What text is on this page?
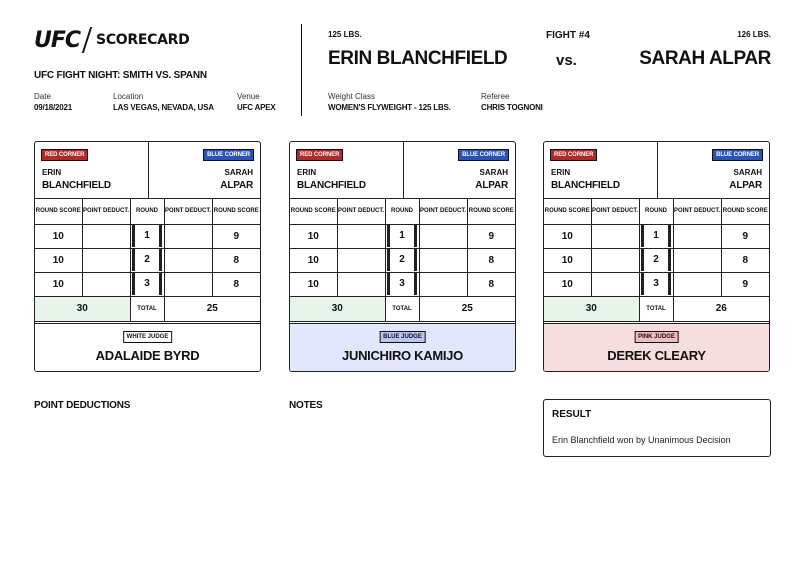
UFC SCORECARD
UFC FIGHT NIGHT: SMITH VS. SPANN
Date
09/18/2021
Location
LAS VEGAS, NEVADA, USA
Venue
UFC APEX
125 LBS.	FIGHT #4	126 LBS.
ERIN BLANCHFIELD	vs.	SARAH ALPAR
Weight Class
WOMEN'S FLYWEIGHT - 125 LBS.
Referee
CHRIS TOGNONI
RED CORNER	BLUE CORNER
ERIN
BLANCHFIELD
SARAH
ALPAR
ROUND SCORE	POINT DEDUCT.	ROUND	POINT DEDUCT.	ROUND SCORE
10		1		9
10		2		8
10		3		8
30		TOTAL	25	
WHITE JUDGE
ADALAIDE BYRD
RED CORNER	BLUE CORNER
ERIN
BLANCHFIELD
SARAH
ALPAR
ROUND SCORE	POINT DEDUCT.	ROUND	POINT DEDUCT.	ROUND SCORE
10		1		9
10		2		8
10		3		8
30		TOTAL	25	
BLUE JUDGE
JUNICHIRO KAMIJO
RED CORNER	BLUE CORNER
ERIN
BLANCHFIELD
SARAH
ALPAR
ROUND SCORE	POINT DEDUCT.	ROUND	POINT DEDUCT.	ROUND SCORE
10		1		9
10		2		8
10		3		9
30		TOTAL	26	
PINK JUDGE
DEREK CLEARY
POINT DEDUCTIONS	NOTES
RESULT
Erin Blanchfield won by Unanimous Decision
